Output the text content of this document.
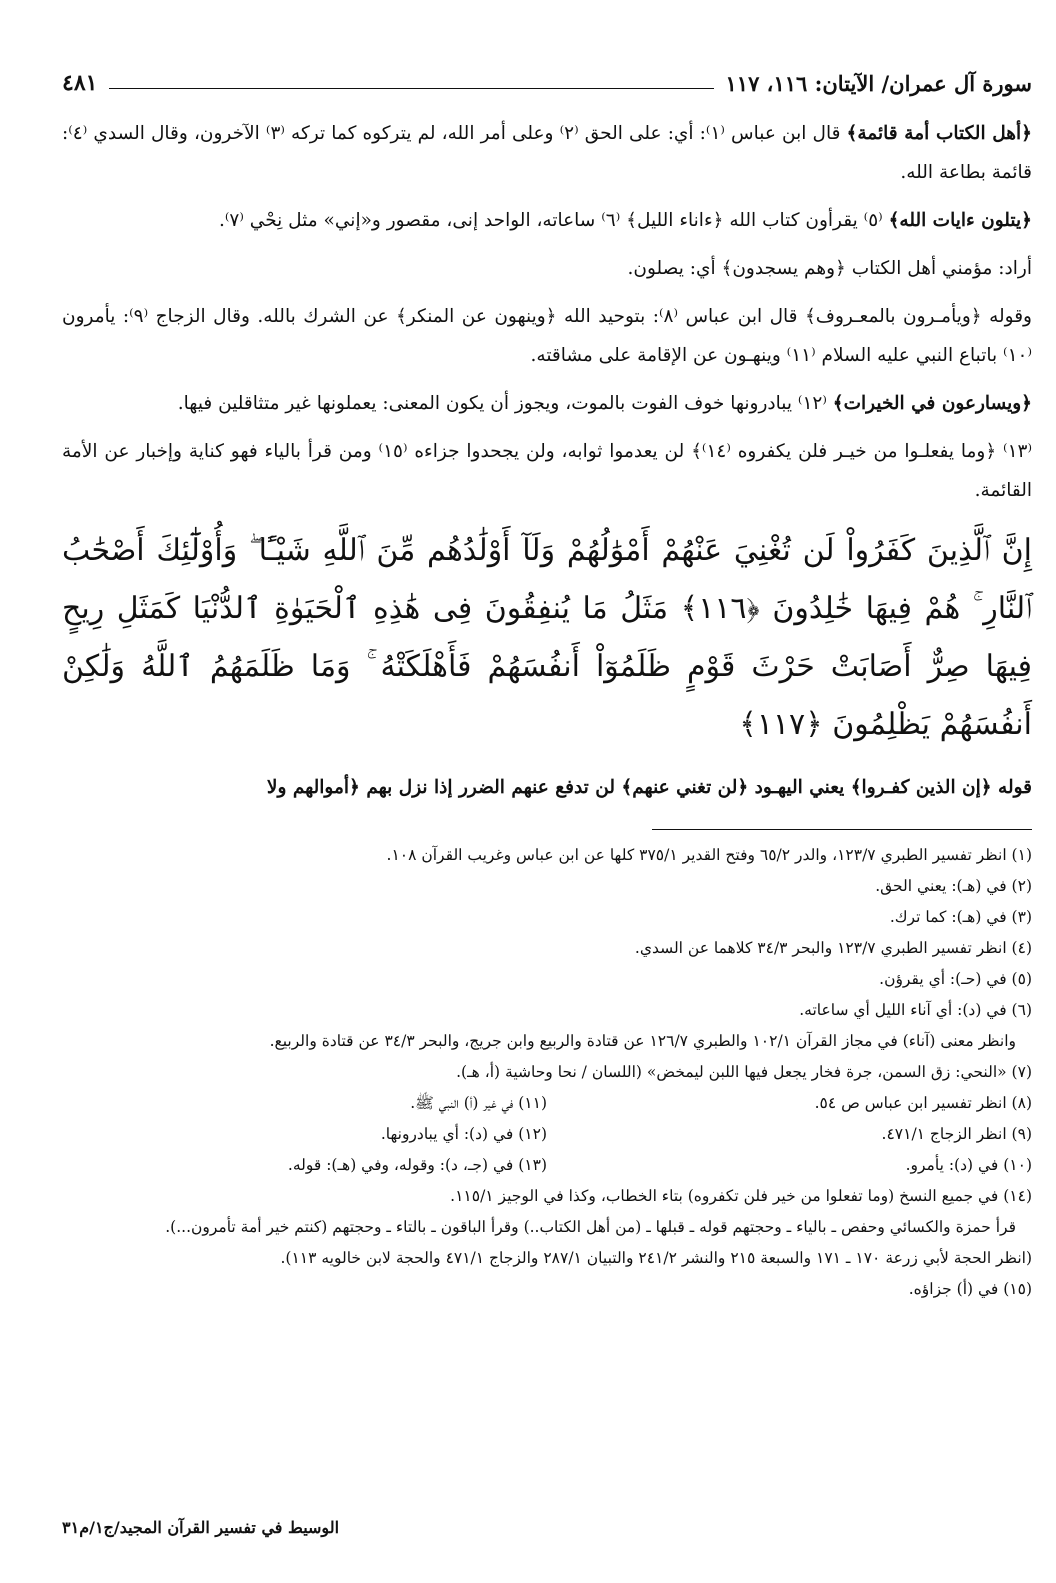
سورة آل عمران/ الآيتان: ١١٦، ١١٧
٤٨١

﴿أهل الكتاب أمة قائمة﴾ قال ابن عباس ⁽١⁾: أي: على الحق ⁽٢⁾ وعلى أمر الله، لم يتركوه كما تركه ⁽٣⁾ الآخرون، وقال السدي ⁽٤⁾: قائمة بطاعة الله.

﴿يتلون ءايات الله﴾ ⁽٥⁾ يقرأون كتاب الله ﴿ءاناء الليل﴾ ⁽٦⁾ ساعاته، الواحد إنى، مقصور و«إني» مثل نِحْي ⁽٧⁾.

أراد: مؤمني أهل الكتاب ﴿وهم يسجدون﴾ أي: يصلون.

وقوله ﴿ويأمـرون بالمعـروف﴾ قال ابن عباس ⁽٨⁾: بتوحيد الله ﴿وينهون عن المنكر﴾ عن الشرك بالله. وقال الزجاج ⁽٩⁾: يأمرون ⁽١٠⁾ باتباع النبي عليه السلام ⁽١١⁾ وينهـون عن الإقامة على مشاقته.

﴿ويسارعون في الخيرات﴾ ⁽١٢⁾ يبادرونها خوف الفوت بالموت، ويجوز أن يكون المعنى: يعملونها غير متثاقلين فيها.

⁽١٣⁾ ﴿وما يفعلـوا من خيـر فلن يكفروه ⁽١٤⁾﴾ لن يعدموا ثوابه، ولن يجحدوا جزاءه ⁽١٥⁾ ومن قرأ بالياء فهو كناية وإخبار عن الأمة القائمة.

إِنَّ ٱلَّذِينَ كَفَرُواْ لَن تُغْنِيَ عَنْهُمْ أَمْوَٰلُهُمْ وَلَآ أَوْلَٰدُهُم مِّنَ ٱللَّهِ شَيْـًٔا ۖ وَأُوْلَٰٓئِكَ أَصْحَٰبُ ٱلنَّارِ ۚ هُمْ فِيهَا خَٰلِدُونَ ﴿١١٦﴾ مَثَلُ مَا يُنفِقُونَ فِى هَٰذِهِ ٱلْحَيَوٰةِ ٱلدُّنْيَا كَمَثَلِ رِيحٍ فِيهَا صِرٌّ أَصَابَتْ حَرْثَ قَوْمٍ ظَلَمُوٓاْ أَنفُسَهُمْ فَأَهْلَكَتْهُ ۚ وَمَا ظَلَمَهُمُ ٱللَّهُ وَلَٰكِنْ أَنفُسَهُمْ يَظْلِمُونَ ﴿١١٧﴾

قوله ﴿إن الذين كفـروا﴾ يعني اليهـود ﴿لن تغني عنهم﴾ لن تدفع عنهم الضرر إذا نزل بهم ﴿أموالهم ولا

(١) انظر تفسير الطبري ١٢٣/٧، والدر ٦٥/٢ وفتح القدير ٣٧٥/١ كلها عن ابن عباس وغريب القرآن ١٠٨.

(٢) في (هـ): يعني الحق.

(٣) في (هـ): كما ترك.

(٤) انظر تفسير الطبري ١٢٣/٧ والبحر ٣٤/٣ كلاهما عن السدي.

(٥) في (حـ): أي يقرؤن.

(٦) في (د): أي آناء الليل أي ساعاته.

وانظر معنى (آناء) في مجاز القرآن ١٠٢/١ والطبري ١٢٦/٧ عن قتادة والربيع وابن جريج، والبحر ٣٤/٣ عن قتادة والربيع.

(٧) «النحي: زق السمن، جرة فخار يجعل فيها اللبن ليمخض» (اللسان / نحا وحاشية (أ، هـ).

(٨) انظر تفسير ابن عباس ص ٥٤.

(١١) في غير (أ) النبي ﷺ.

(٩) انظر الزجاج ٤٧١/١.

(١٢) في (د): أي يبادرونها.

(١٠) في (د): يأمرو.

(١٣) في (جـ، د): وقوله، وفي (هـ): قوله.

(١٤) في جميع النسخ (وما تفعلوا من خير فلن تكفروه) بتاء الخطاب، وكذا في الوجيز ١١٥/١.

قرأ حمزة والكسائي وحفص ـ بالياء ـ وحجتهم قوله ـ قبلها ـ (من أهل الكتاب..) وقرأ الباقون ـ بالتاء ـ وحجتهم (كنتم خير أمة تأمرون...).

(انظر الحجة لأبي زرعة ١٧٠ ـ ١٧١ والسبعة ٢١٥ والنشر ٢٤١/٢ والتبيان ٢٨٧/١ والزجاج ٤٧١/١ والحجة لابن خالويه ١١٣).

(١٥) في (أ) جزاؤه.

الوسيط في تفسير القرآن المجيد/ج١/م٣١
